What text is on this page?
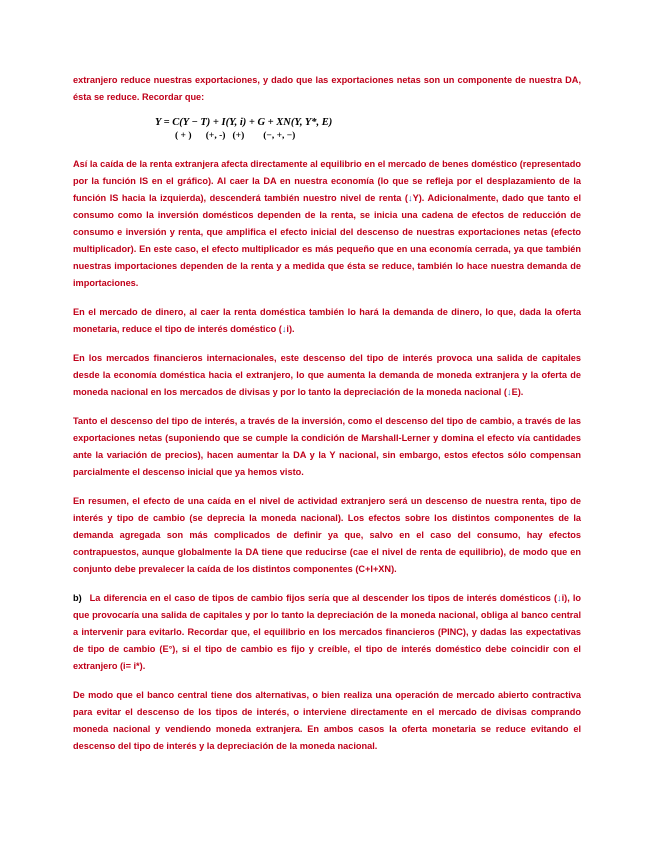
extranjero reduce nuestras exportaciones, y dado que las exportaciones netas son un componente de nuestra DA, ésta se reduce. Recordar que:

Y = C(Y − T) + I(Y, i) + G + XN(Y, Y*, E)
( + )      (+, -)   (+)        (−, +, −)

Así la caída de la renta extranjera afecta directamente al equilibrio en el mercado de benes doméstico (representado por la función IS en el gráfico). Al caer la DA en nuestra economía (lo que se refleja por el desplazamiento de la función IS hacia la izquierda), descenderá también nuestro nivel de renta (↓Y). Adicionalmente, dado que tanto el consumo como la inversión domésticos dependen de la renta, se inicia una cadena de efectos de reducción de consumo e inversión y renta, que amplifica el efecto inicial del descenso de nuestras exportaciones netas (efecto multiplicador). En este caso, el efecto multiplicador es más pequeño que en una economía cerrada, ya que también nuestras importaciones dependen de la renta y a medida que ésta se reduce, también lo hace nuestra demanda de importaciones.

En el mercado de dinero, al caer la renta doméstica también lo hará la demanda de dinero, lo que, dada la oferta monetaria, reduce el tipo de interés doméstico (↓i).

En los mercados financieros internacionales, este descenso del tipo de interés provoca una salida de capitales desde la economía doméstica hacia el extranjero, lo que aumenta la demanda de moneda extranjera y la oferta de moneda nacional en los mercados de divisas y por lo tanto la depreciación de la moneda nacional (↓E).

Tanto el descenso del tipo de interés, a través de la inversión, como el descenso del tipo de cambio, a través de las exportaciones netas (suponiendo que se cumple la condición de Marshall-Lerner y domina el efecto vía cantidades ante la variación de precios), hacen aumentar la DA y la Y nacional, sin embargo, estos efectos sólo compensan parcialmente el descenso inicial que ya hemos visto.

En resumen, el efecto de una caída en el nivel de actividad extranjero será un descenso de nuestra renta, tipo de interés y tipo de cambio (se deprecia la moneda nacional). Los efectos sobre los distintos componentes de la demanda agregada son más complicados de definir ya que, salvo en el caso del consumo, hay efectos contrapuestos, aunque globalmente la DA tiene que reducirse (cae el nivel de renta de equilibrio), de modo que en conjunto debe prevalecer la caída de los distintos componentes (C+I+XN).

b) La diferencia en el caso de tipos de cambio fijos sería que al descender los tipos de interés domésticos (↓i), lo que provocaría una salida de capitales y por lo tanto la depreciación de la moneda nacional, obliga al banco central a intervenir para evitarlo. Recordar que, el equilibrio en los mercados financieros (PINC), y dadas las expectativas de tipo de cambio (E°), si el tipo de cambio es fijo y creíble, el tipo de interés doméstico debe coincidir con el extranjero (i= i*).

De modo que el banco central tiene dos alternativas, o bien realiza una operación de mercado abierto contractiva para evitar el descenso de los tipos de interés, o interviene directamente en el mercado de divisas comprando moneda nacional y vendiendo moneda extranjera. En ambos casos la oferta monetaria se reduce evitando el descenso del tipo de interés y la depreciación de la moneda nacional.
